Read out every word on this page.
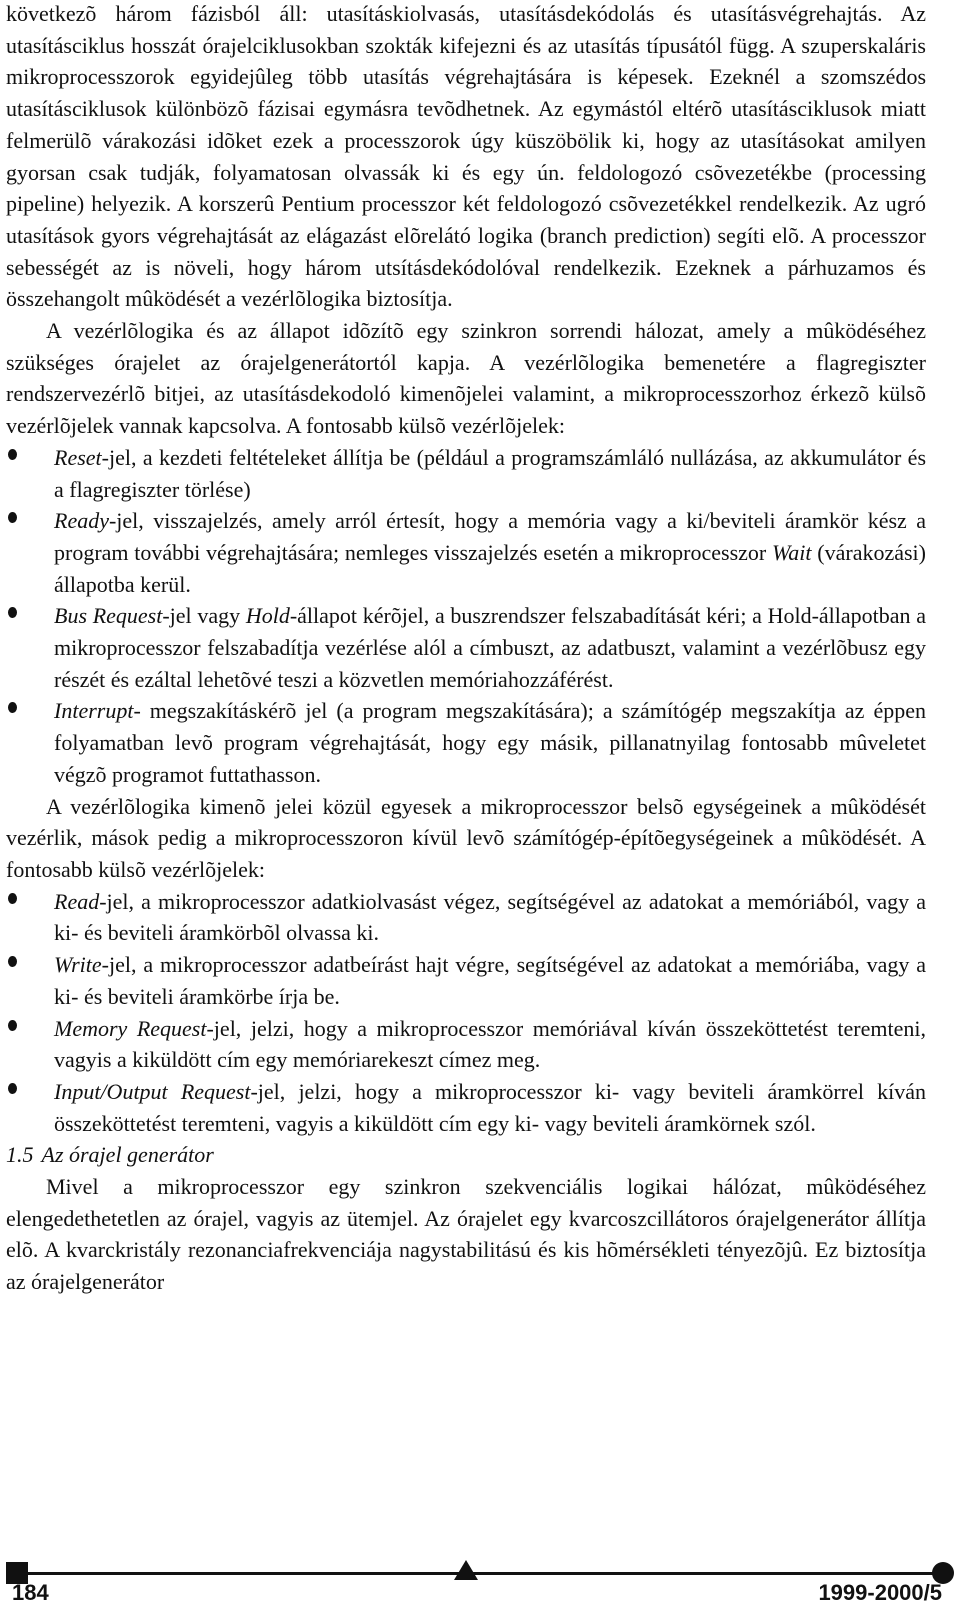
következõ három fázisból áll: utasításkiolvasás, utasításdekódolás és utasításvégrehajtás. Az utasításciklus hosszát órajelciklusokban szokták kifejezni és az utasítás típusától függ. A szuperskaláris mikroprocesszorok egyidejûleg több utasítás végrehajtására is képesek. Ezeknél a szomszédos utasításciklusok különbözõ fázisai egymásra tevõdhetnek. Az egymástól eltérõ utasításciklusok miatt felmerülõ várakozási idõket ezek a processzorok úgy küszöbölik ki, hogy az utasításokat amilyen gyorsan csak tudják, folyamatosan olvassák ki és egy ún. feldologozó csõvezetékbe (processing pipeline) helyezik. A korszerû Pentium processzor két feldologozó csõvezetékkel rendelkezik. Az ugró utasítások gyors végrehajtását az elágazást elõrelátó logika (branch prediction) segíti elõ. A processzor sebességét az is növeli, hogy három utsításdekódolóval rendelkezik. Ezeknek a párhuzamos és összehangolt mûködését a vezérlõlogika biztosítja.

A vezérlõlogika és az állapot idõzítõ egy szinkron sorrendi hálozat, amely a mûködéséhez szükséges órajelet az órajelgenerátortól kapja. A vezérlõlogika bemenetére a flagregiszter rendszervezérlõ bitjei, az utasításdekodoló kimenõjelei valamint, a mikroprocesszorhoz érkezõ külsõ vezérlõjelek vannak kapcsolva. A fontosabb külsõ vezérlõjelek:

Reset-jel, a kezdeti feltételeket állítja be (például a programszámláló nullázása, az akkumulátor és a flagregiszter törlése)
Ready-jel, visszajelzés, amely arról értesít, hogy a memória vagy a ki/beviteli áramkör kész a program további végrehajtására; nemleges visszajelzés esetén a mikroprocesszor Wait (várakozási) állapotba kerül.
Bus Request-jel vagy Hold-állapot kérõjel, a buszrendszer felszabadítását kéri; a Hold-állapotban a mikroprocesszor felszabadítja vezérlése alól a címbuszt, az adatbuszt, valamint a vezérlõbusz egy részét és ezáltal lehetõvé teszi a közvetlen memóriahozzáférést.
Interrupt- megszakításkérõ jel (a program megszakítására); a számítógép megszakítja az éppen folyamatban levõ program végrehajtását, hogy egy másik, pillanatnyilag fontosabb mûveletet végzõ programot futtathasson.

A vezérlõlogika kimenõ jelei közül egyesek a mikroprocesszor belsõ egységeinek a mûködését vezérlik, mások pedig a mikroprocesszoron kívül levõ számítógép-építõegységeinek a mûködését. A fontosabb külsõ vezérlõjelek:

Read-jel, a mikroprocesszor adatkiolvasást végez, segítségével az adatokat a memóriából, vagy a ki- és beviteli áramkörbõl olvassa ki.
Write-jel, a mikroprocesszor adatbeírást hajt végre, segítségével az adatokat a memóriába, vagy a ki- és beviteli áramkörbe írja be.
Memory Request-jel, jelzi, hogy a mikroprocesszor memóriával kíván összeköttetést teremteni, vagyis a kiküldött cím egy memóriarekeszt címez meg.
Input/Output Request-jel, jelzi, hogy a mikroprocesszor ki- vagy beviteli áramkörrel kíván összeköttetést teremteni, vagyis a kiküldött cím egy ki- vagy beviteli áramkörnek szól.
1.5 Az órajel generátor

Mivel a mikroprocesszor egy szinkron szekvenciális logikai hálózat, mûködéséhez elengedethetetlen az órajel, vagyis az ütemjel. Az órajelet egy kvarcoszcillátoros órajelgenerátor állítja elõ. A kvarckristály rezonanciafrekvenciája nagystabilitású és kis hõmérsékleti tényezõjû. Ez biztosítja az órajelgenerátor

184	1999-2000/5
